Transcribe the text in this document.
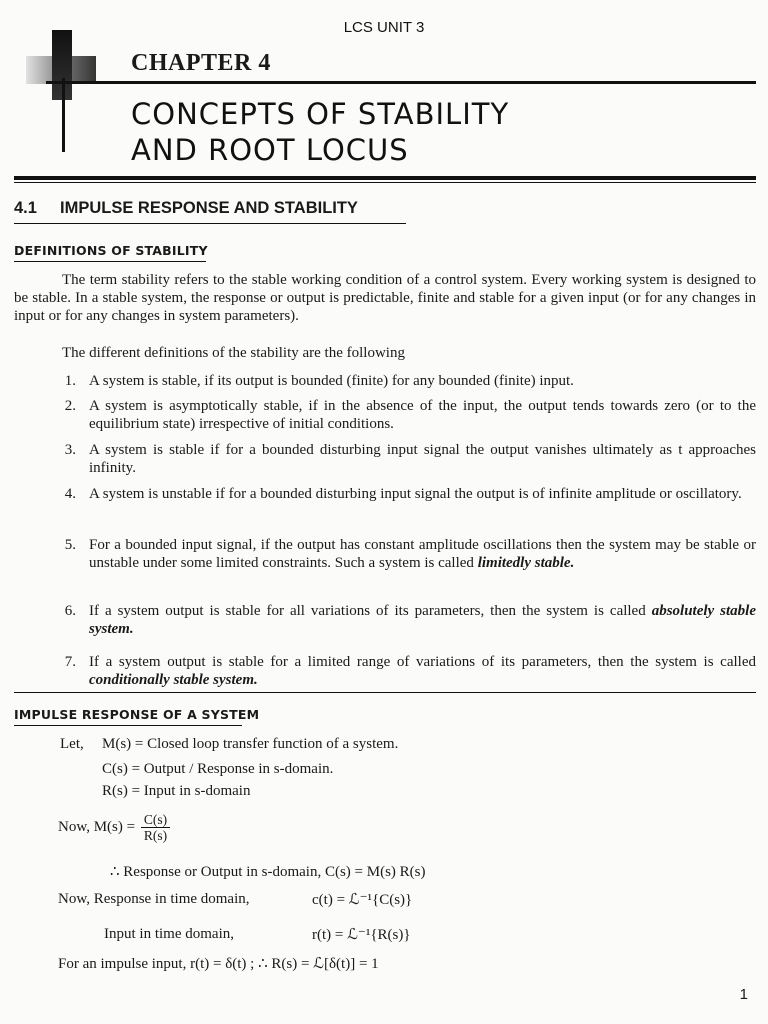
LCS UNIT 3
CHAPTER 4
CONCEPTS OF STABILITY
AND ROOT LOCUS
4.1 IMPULSE RESPONSE AND STABILITY
DEFINITIONS OF STABILITY
The term stability refers to the stable working condition of a control system. Every working system is designed to be stable. In a stable system, the response or output is predictable, finite and stable for a given input (or for any changes in input or for any changes in system parameters).
The different definitions of the stability are the following
1. A system is stable, if its output is bounded (finite) for any bounded (finite) input.
2. A system is asymptotically stable, if in the absence of the input, the output tends towards zero (or to the equilibrium state) irrespective of initial conditions.
3. A system is stable if for a bounded disturbing input signal the output vanishes ultimately as t approaches infinity.
4. A system is unstable if for a bounded disturbing input signal the output is of infinite amplitude or oscillatory.
5. For a bounded input signal, if the output has constant amplitude oscillations then the system may be stable or unstable under some limited constraints. Such a system is called limitedly stable.
6. If a system output is stable for all variations of its parameters, then the system is called absolutely stable system.
7. If a system output is stable for a limited range of variations of its parameters, then the system is called conditionally stable system.
IMPULSE RESPONSE OF A SYSTEM
Let, M(s) = Closed loop transfer function of a system.
C(s) = Output / Response in s-domain.
R(s) = Input in s-domain
Now, $M(s) = \frac{C(s)}{R(s)}$
∴ Response or Output in s-domain, C(s) = M(s) R(s)
Now, Response in time domain,	c(t) = ℒ⁻¹{C(s)}
Input in time domain,	r(t) = ℒ⁻¹{R(s)}
For an impulse input, r(t) = δ(t) ; ∴ R(s) = ℒ[δ(t)] = 1
1
